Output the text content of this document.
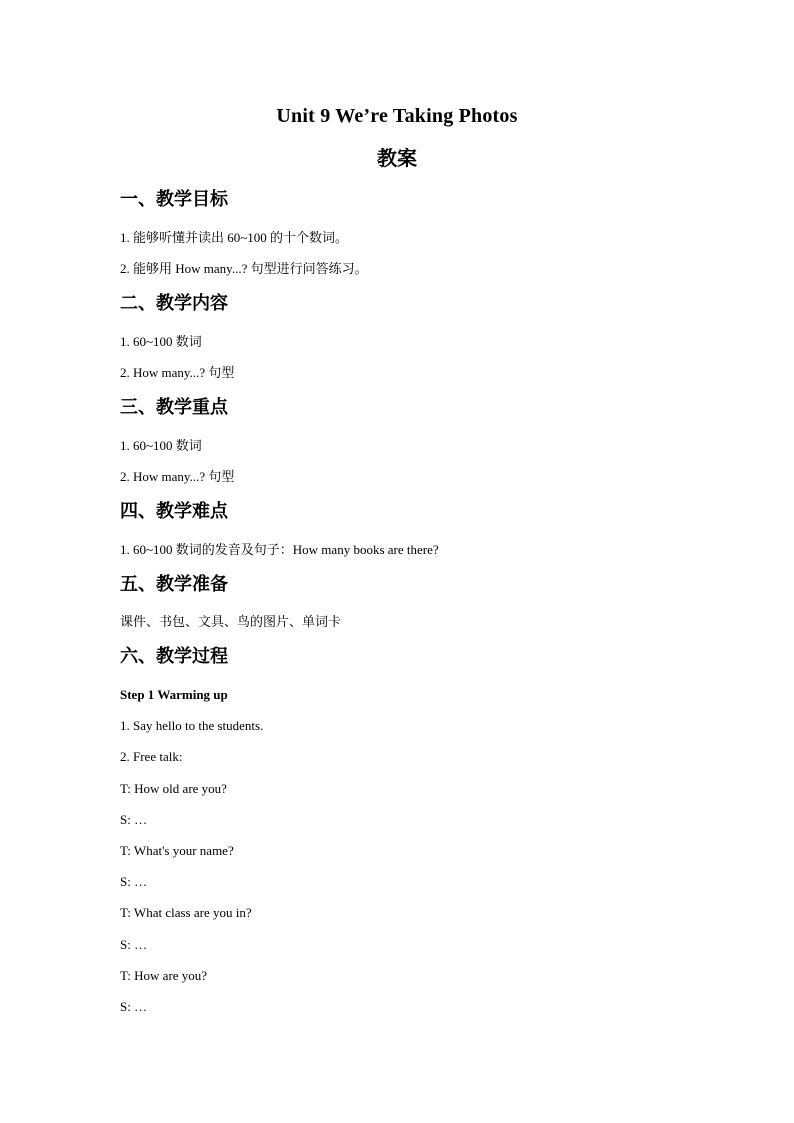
Unit 9 We’re Taking Photos
教案
一、教学目标
1. 能够听懂并读出 60~100 的十个数词。
2. 能够用 How many...? 句型进行问答练习。
二、教学内容
1. 60~100 数词
2. How many...? 句型
三、教学重点
1. 60~100 数词
2. How many...? 句型
四、教学难点
1. 60~100 数词的发音及句子：How many books are there?
五、教学准备
课件、书包、文具、鸟的图片、单词卡
六、教学过程
Step 1 Warming up
1. Say hello to the students.
2. Free talk:
T: How old are you?
S: …
T: What's your name?
S: …
T: What class are you in?
S: …
T: How are you?
S: …
